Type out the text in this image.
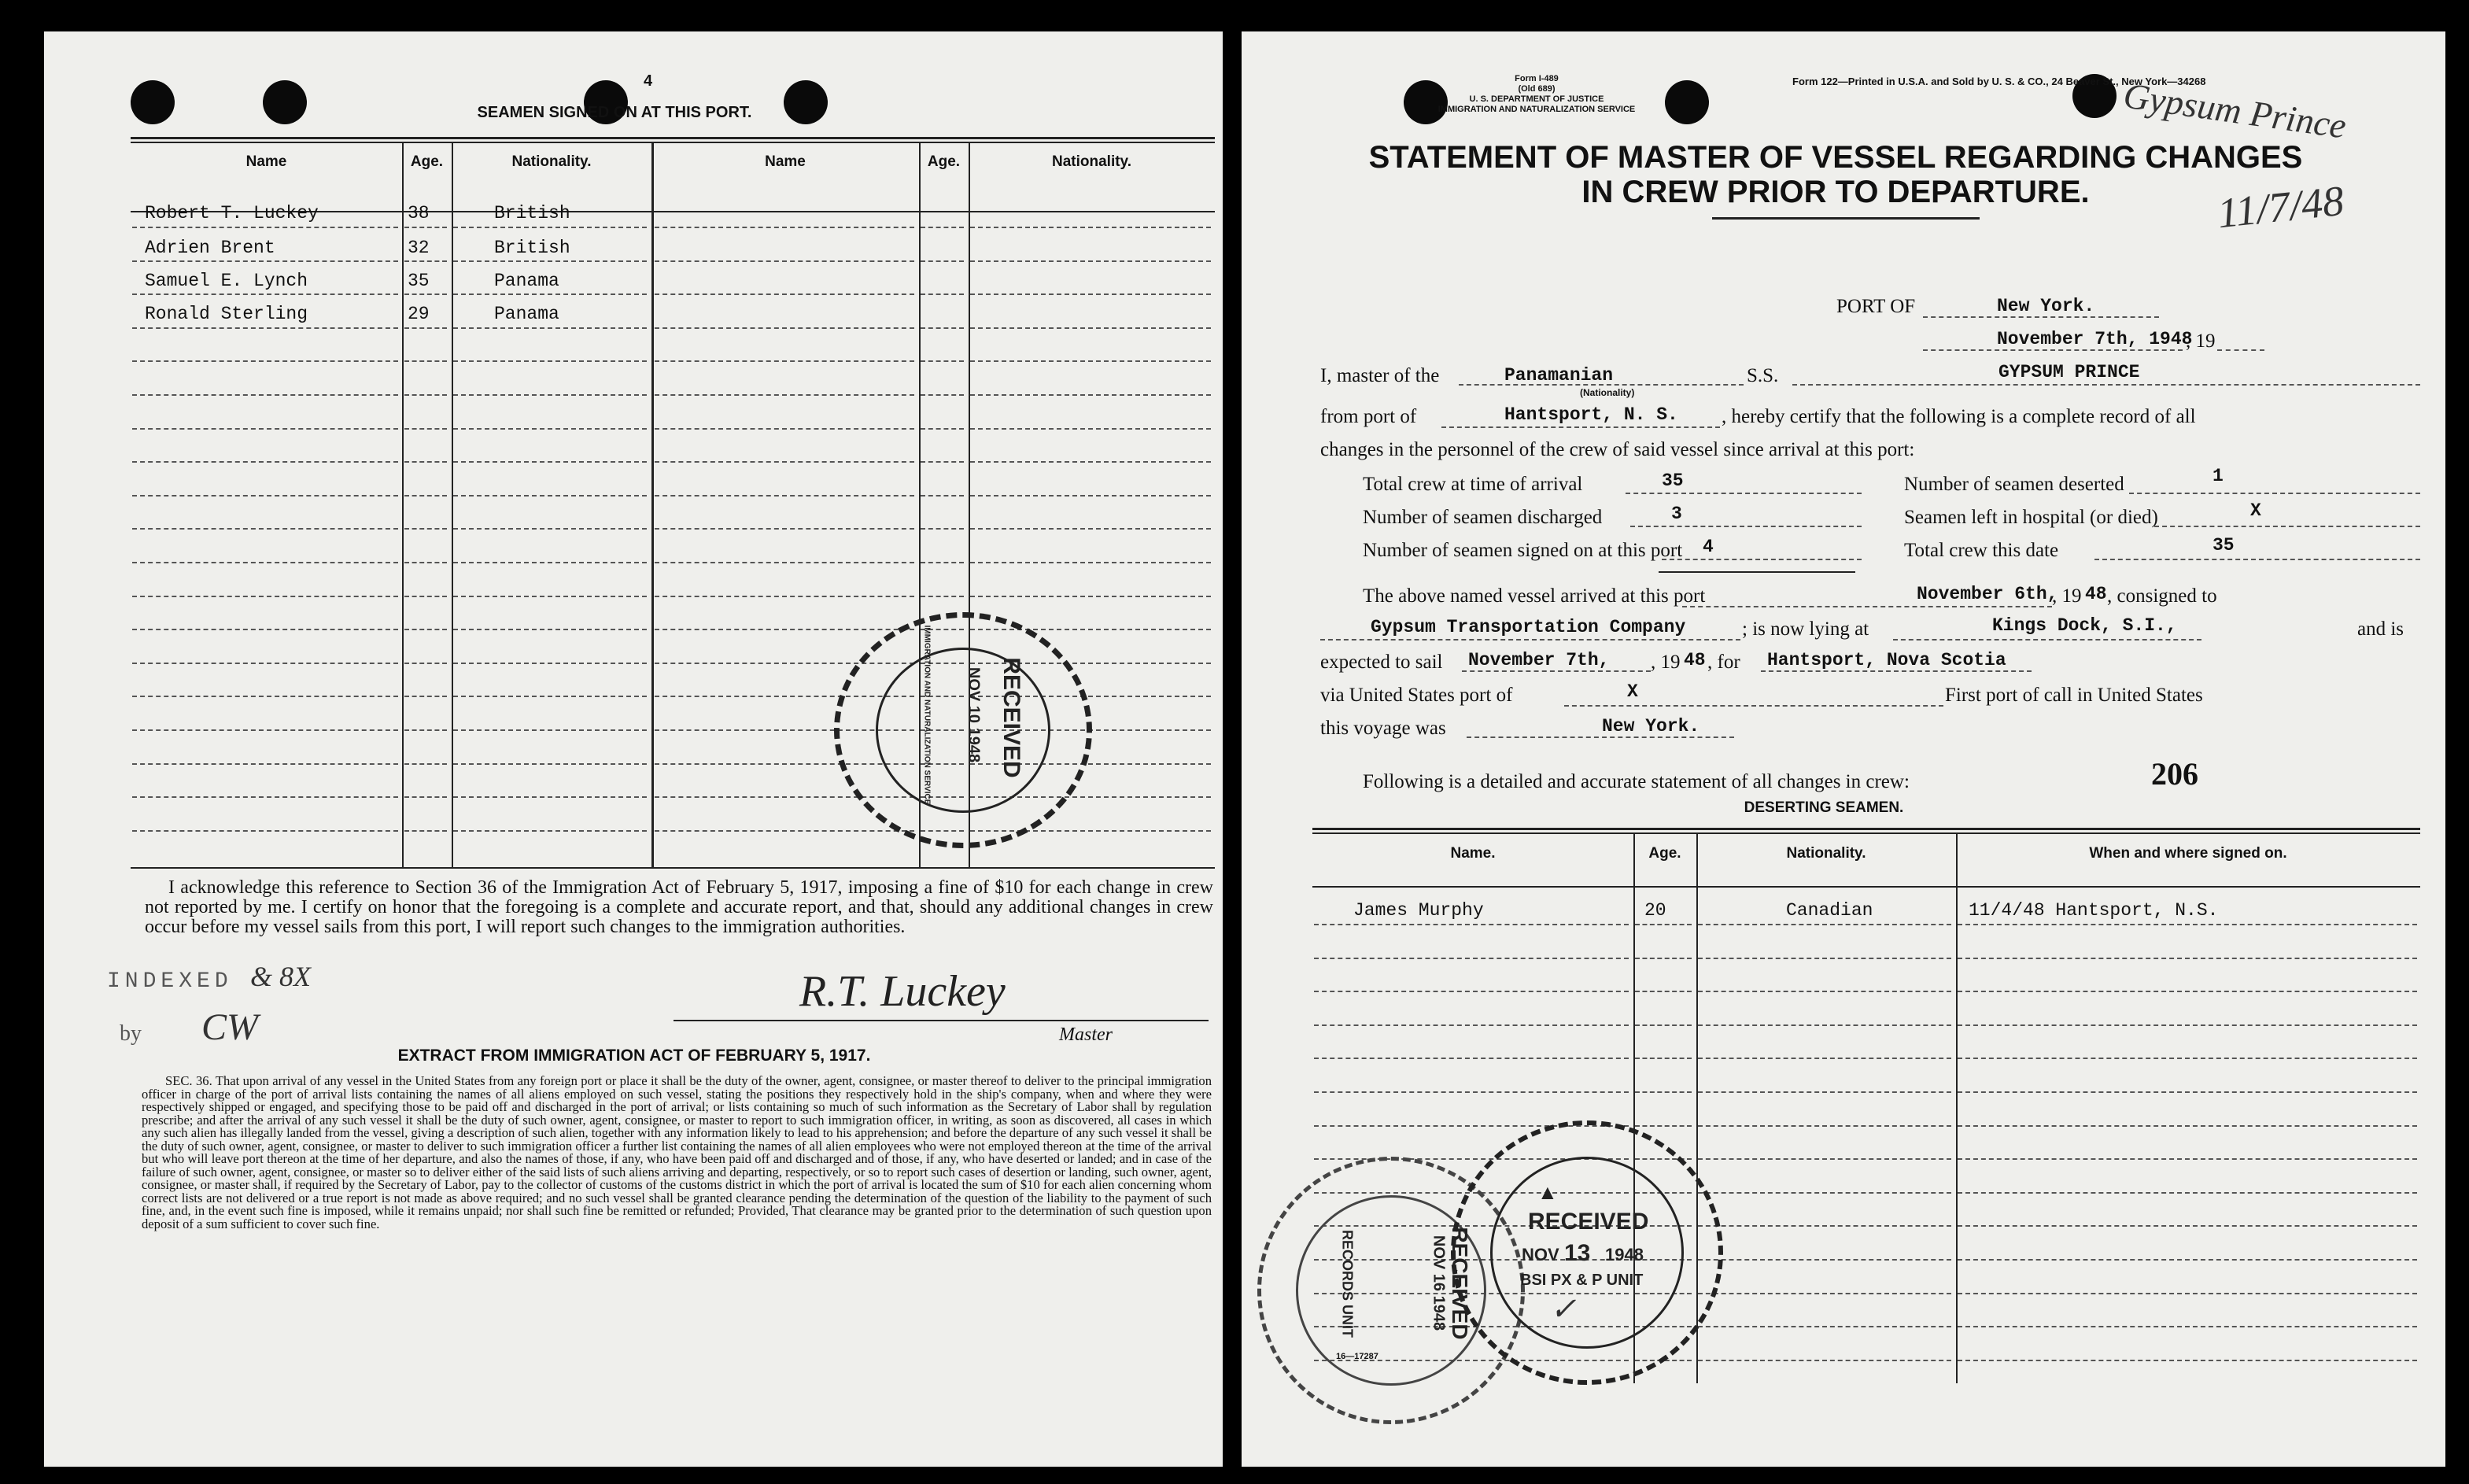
4
SEAMEN SIGNED ON AT THIS PORT.
Name	Age.	Nationality.	Name	Age.	Nationality.
Robert T. Luckey	38	British
Adrien Brent	32	British
Samuel E. Lynch	35	Panama
Ronald Sterling	29	Panama
NOV 10 1948 RECEIVED
IMMIGRATION AND NATURALIZATION SERVICE
I acknowledge this reference to Section 36 of the Immigration Act of February 5, 1917, imposing a fine of $10 for each change in crew not reported by me. I certify on honor that the foregoing is a complete and accurate report, and that, should any additional changes in crew occur before my vessel sails from this port, I will report such changes to the immigration authorities.
INDEXED & 8X
by CW
R.T. Luckey
Master
EXTRACT FROM IMMIGRATION ACT OF FEBRUARY 5, 1917.
SEC. 36. That upon arrival of any vessel in the United States from any foreign port or place it shall be the duty of the owner, agent, consignee, or master thereof to deliver to the principal immigration officer in charge of the port of arrival lists containing the names of all aliens employed on such vessel, stating the positions they respectively hold in the ship's company, when and where they were respectively shipped or engaged, and specifying those to be paid off and discharged in the port of arrival; or lists containing so much of such information as the Secretary of Labor shall by regulation prescribe; and after the arrival of any such vessel it shall be the duty of such owner, agent, consignee, or master to report to such immigration officer, in writing, as soon as discovered, all cases in which any such alien has illegally landed from the vessel, giving a description of such alien, together with any information likely to lead to his apprehension; and before the departure of any such vessel it shall be the duty of such owner, agent, consignee, or master to deliver to such immigration officer a further list containing the names of all alien employees who were not employed thereon at the time of the arrival but who will leave port thereon at the time of her departure, and also the names of those, if any, who have been paid off and discharged and of those, if any, who have deserted or landed; and in case of the failure of such owner, agent, consignee, or master so to deliver either of the said lists of such aliens arriving and departing, respectively, or so to report such cases of desertion or landing, such owner, agent, consignee, or master shall, if required by the Secretary of Labor, pay to the collector of customs of the customs district in which the port of arrival is located the sum of $10 for each alien concerning whom correct lists are not delivered or a true report is not made as above required; and no such vessel shall be granted clearance pending the determination of the question of the liability to the payment of such fine, and, in the event such fine is imposed, while it remains unpaid; nor shall such fine be remitted or refunded; Provided, That clearance may be granted prior to the determination of such question upon deposit of a sum sufficient to cover such fine.
Form I-489
(Old 689)
U. S. DEPARTMENT OF JUSTICE
IMMIGRATION AND NATURALIZATION SERVICE
Form 122—Printed in U.S.A. and Sold by U. S. & CO., 24 Beaver St., New York—34268
Gypsum Prince
11/7/48
STATEMENT OF MASTER OF VESSEL REGARDING CHANGES
IN CREW PRIOR TO DEPARTURE.
PORT OF	New York.
November 7th, 1948
, 19
I, master of the	Panamanian
(Nationality)
S.S.	GYPSUM PRINCE
from port of	Hantsport, N. S. , hereby certify that the following is a complete record of all
changes in the personnel of the crew of said vessel since arrival at this port:
Total crew at time of arrival	35	Number of seamen deserted	1
Number of seamen discharged	3	Seamen left in hospital (or died)	X
Number of seamen signed on at this port 4	Total crew this date	35
The above named vessel arrived at this port	November 6th,
, 19 48 , consigned to
Gypsum Transportation Company	; is now lying at	Kings Dock, S.I.,	and is
expected to sail November 7th, , 19 48 , for Hantsport, Nova Scotia
via United States port of	X	First port of call in United States
this voyage was	New York.
Following is a detailed and accurate statement of all changes in crew:	206
DESERTING SEAMEN.
Name.	Age.	Nationality.	When and where signed on.
James Murphy	20	Canadian	11/4/48 Hantsport, N.S.
NOV 16 1948 RECEIVED
RECORDS UNIT
▲
RECEIVED
NOV 13 1948
BSI PX & P UNIT
✓
16—17287
